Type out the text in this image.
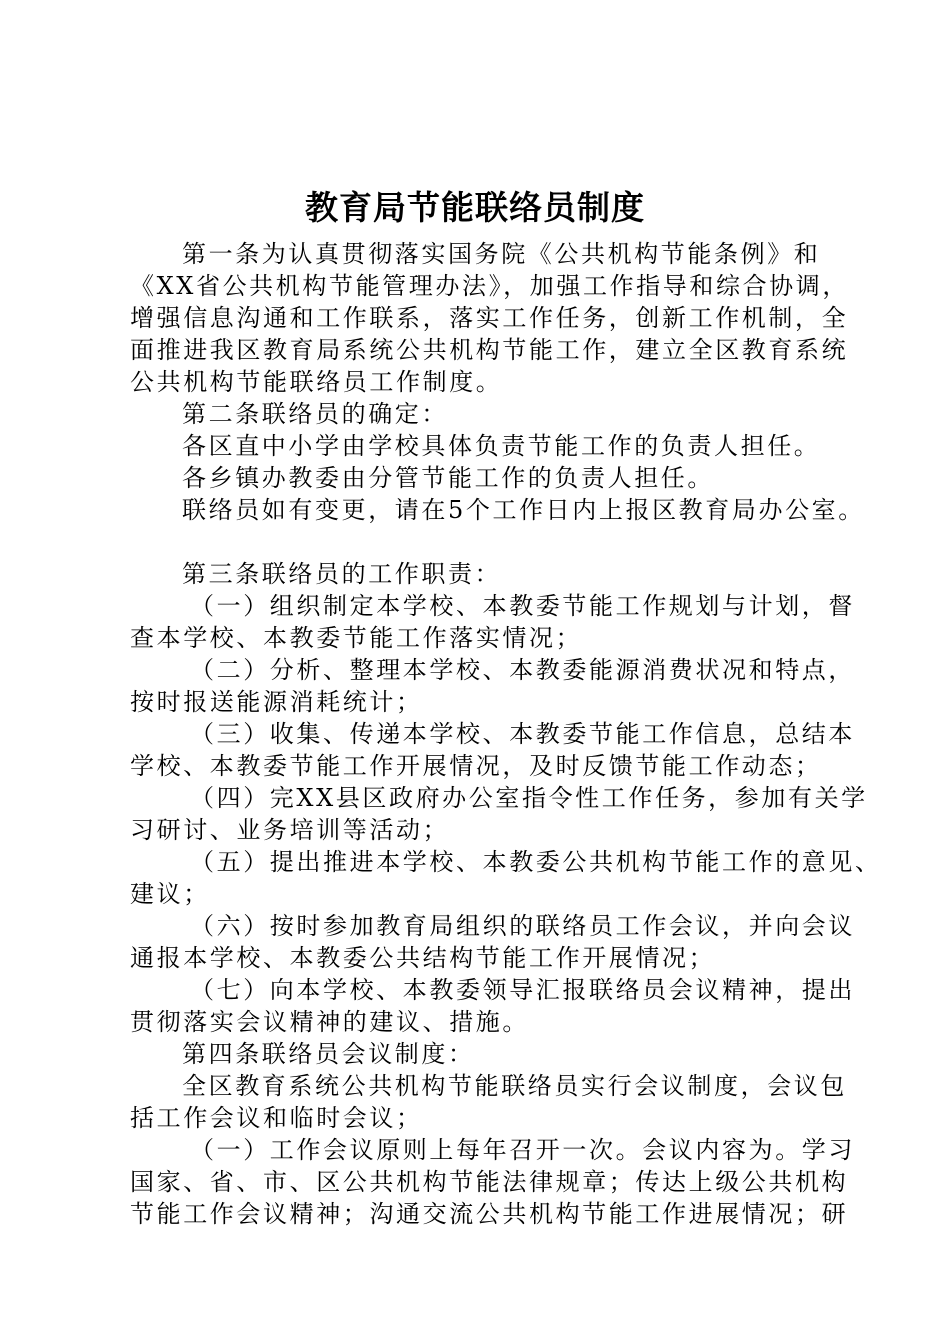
教育局节能联络员制度
第一条为认真贯彻落实国务院《公共机构节能条例》和
《XX省公共机构节能管理办法》，加强工作指导和综合协调，
增强信息沟通和工作联系，落实工作任务，创新工作机制，全
面推进我区教育局系统公共机构节能工作，建立全区教育系统
公共机构节能联络员工作制度。
第二条联络员的确定：
各区直中小学由学校具体负责节能工作的负责人担任。
各乡镇办教委由分管节能工作的负责人担任。
联络员如有变更，请在5个工作日内上报区教育局办公室。
第三条联络员的工作职责：
（一）组织制定本学校、本教委节能工作规划与计划，督
查本学校、本教委节能工作落实情况；
（二）分析、整理本学校、本教委能源消费状况和特点，
按时报送能源消耗统计；
（三）收集、传递本学校、本教委节能工作信息，总结本
学校、本教委节能工作开展情况，及时反馈节能工作动态；
（四）完XX县区政府办公室指令性工作任务，参加有关学
习研讨、业务培训等活动；
（五）提出推进本学校、本教委公共机构节能工作的意见、
建议；
（六）按时参加教育局组织的联络员工作会议，并向会议
通报本学校、本教委公共结构节能工作开展情况；
（七）向本学校、本教委领导汇报联络员会议精神，提出
贯彻落实会议精神的建议、措施。
第四条联络员会议制度：
全区教育系统公共机构节能联络员实行会议制度，会议包
括工作会议和临时会议；
（一）工作会议原则上每年召开一次。会议内容为。学习
国家、省、市、区公共机构节能法律规章；传达上级公共机构
节能工作会议精神；沟通交流公共机构节能工作进展情况；研
